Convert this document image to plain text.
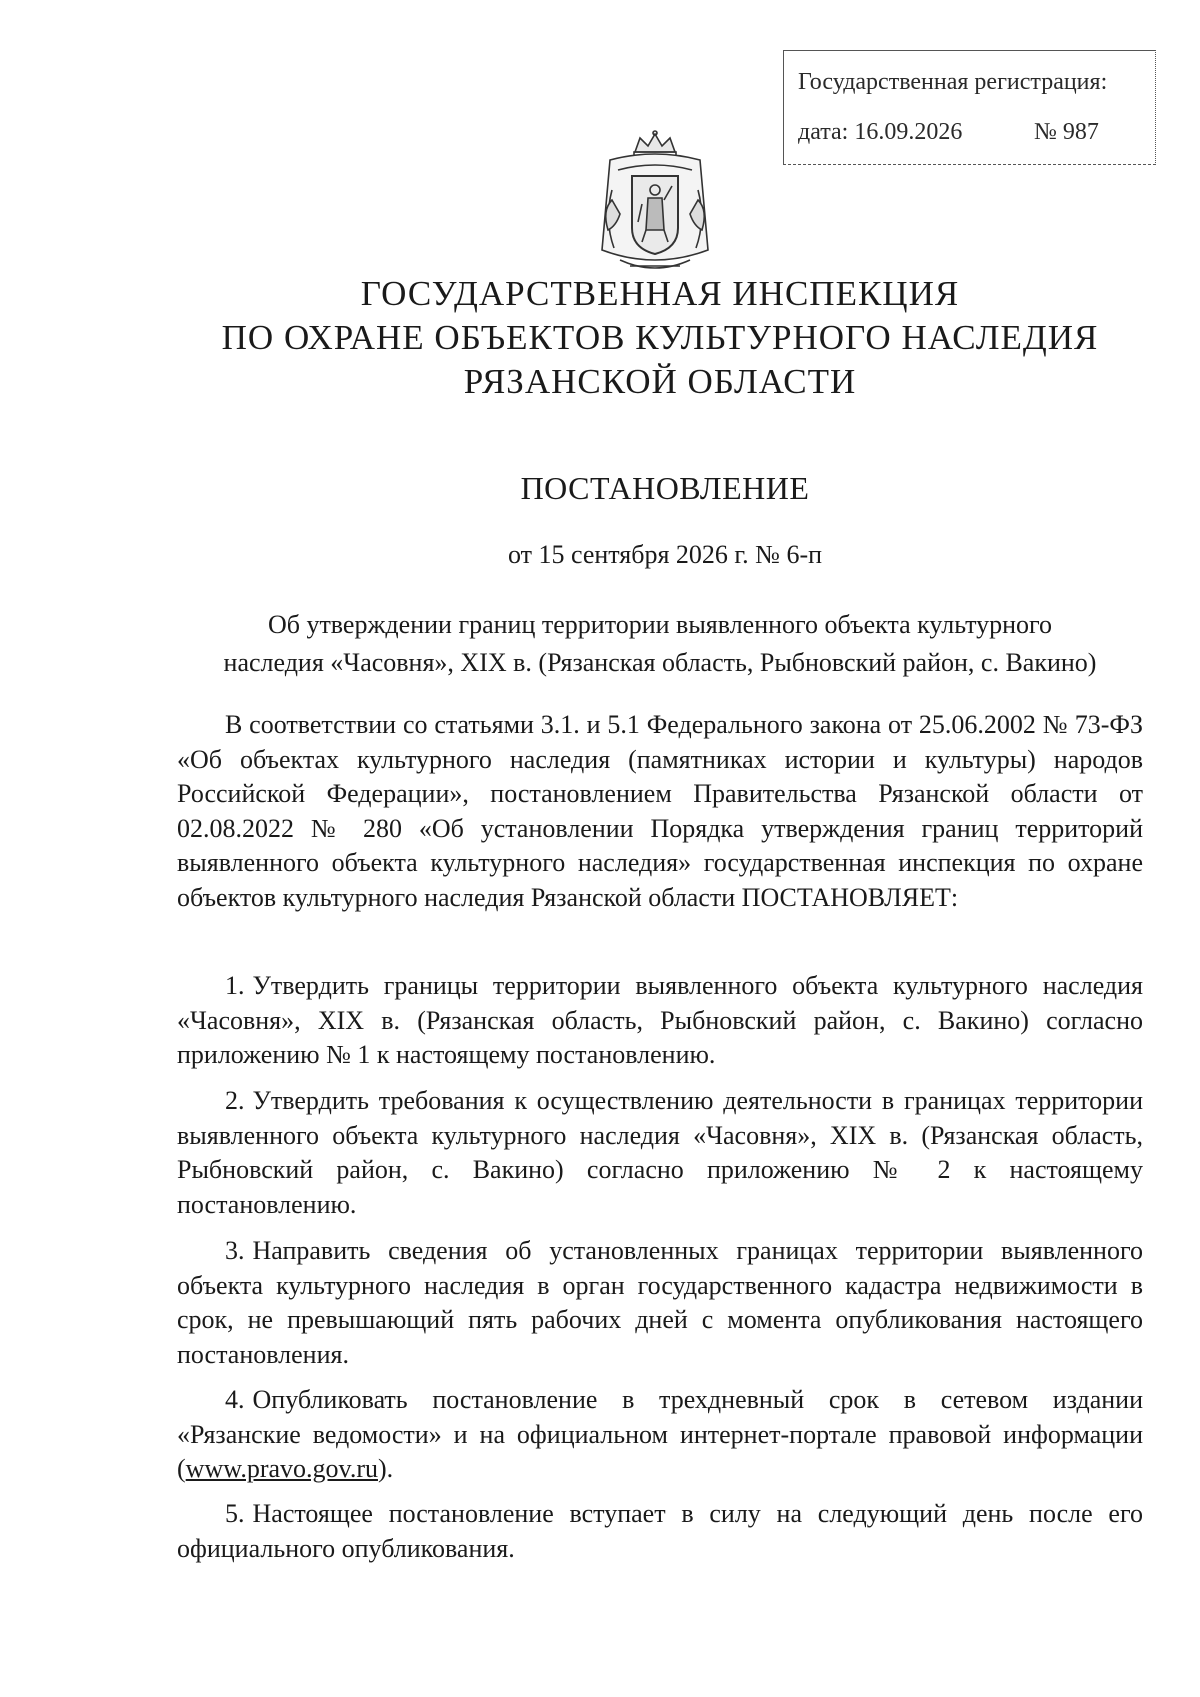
Государственная регистрация:
дата: 16.09.2026	№ 987
ГОСУДАРСТВЕННАЯ ИНСПЕКЦИЯ
ПО ОХРАНЕ ОБЪЕКТОВ КУЛЬТУРНОГО НАСЛЕДИЯ
РЯЗАНСКОЙ ОБЛАСТИ
ПОСТАНОВЛЕНИЕ
от 15 сентября 2026 г. № 6-п
Об утверждении границ территории выявленного объекта культурного
наследия «Часовня», XIX в. (Рязанская область, Рыбновский район, с. Вакино)
В соответствии со статьями 3.1. и 5.1 Федерального закона от 25.06.2002 № 73-ФЗ «Об объектах культурного наследия (памятниках истории и культуры) народов Российской Федерации», постановлением Правительства Рязанской области от 02.08.2022 № 280 «Об установлении Порядка утверждения границ территорий выявленного объекта культурного наследия» государственная инспекция по охране объектов культурного наследия Рязанской области ПОСТАНОВЛЯЕТ:
1. Утвердить границы территории выявленного объекта культурного наследия «Часовня», XIX в. (Рязанская область, Рыбновский район, с. Вакино) согласно приложению № 1 к настоящему постановлению.
2. Утвердить требования к осуществлению деятельности в границах территории выявленного объекта культурного наследия «Часовня», XIX в. (Рязанская область, Рыбновский район, с. Вакино) согласно приложению № 2 к настоящему постановлению.
3. Направить сведения об установленных границах территории выявленного объекта культурного наследия в орган государственного кадастра недвижимости в срок, не превышающий пять рабочих дней с момента опубликования настоящего постановления.
4. Опубликовать постановление в трехдневный срок в сетевом издании «Рязанские ведомости» и на официальном интернет-портале правовой информации (www.pravo.gov.ru).
5. Настоящее постановление вступает в силу на следующий день после его официального опубликования.
